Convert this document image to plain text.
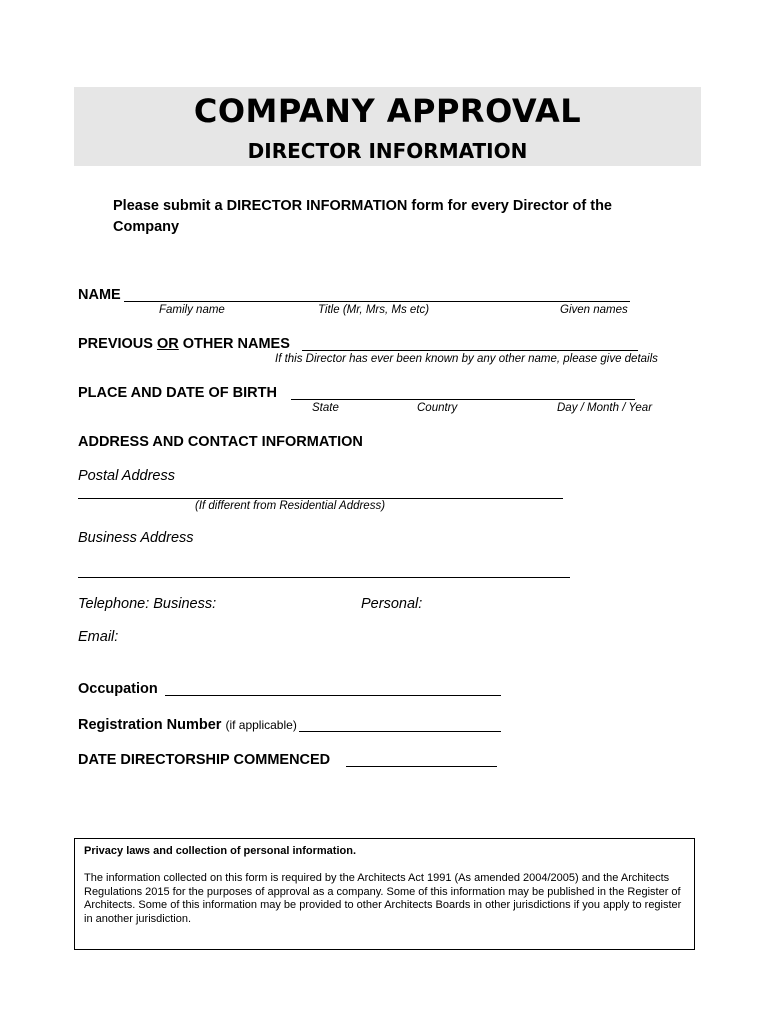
COMPANY APPROVAL
DIRECTOR INFORMATION
Please submit a DIRECTOR INFORMATION form for every Director of the Company
NAME
Family name	Title (Mr, Mrs, Ms etc)	Given names
PREVIOUS OR OTHER NAMES
If this Director has ever been known by any other name, please give details
PLACE AND DATE OF BIRTH
State	Country	Day / Month / Year
ADDRESS AND CONTACT INFORMATION
Postal Address
(If different from Residential Address)
Business Address
Telephone: Business:	Personal:
Email:
Occupation
Registration Number (if applicable)
DATE DIRECTORSHIP COMMENCED
Privacy laws and collection of personal information.
The information collected on this form is required by the Architects Act 1991 (As amended 2004/2005) and the Architects Regulations 2015 for the purposes of approval as a company. Some of this information may be published in the Register of Architects. Some of this information may be provided to other Architects Boards in other jurisdictions if you apply to register in another jurisdiction.
